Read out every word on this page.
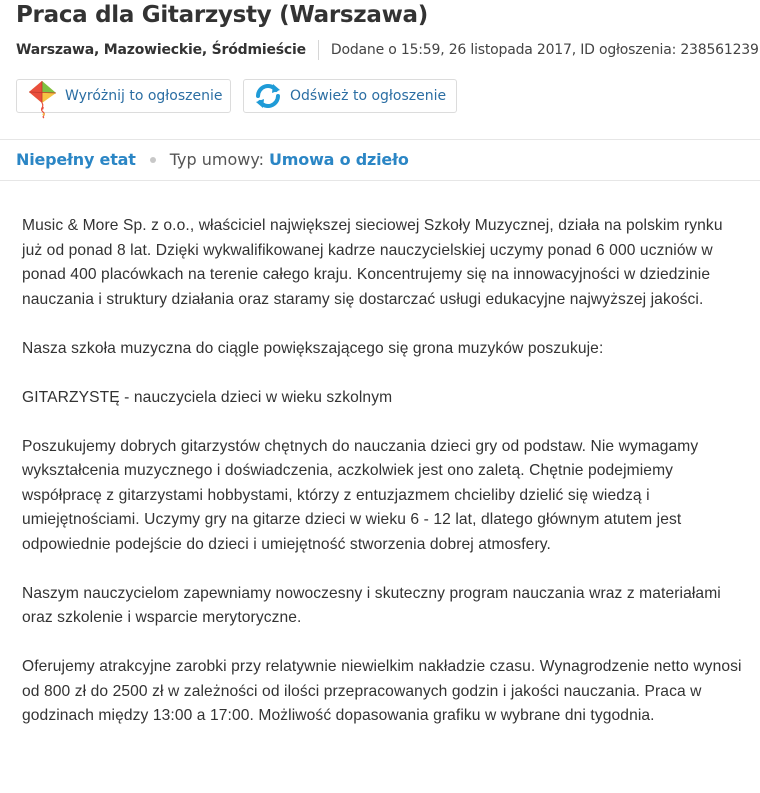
Praca dla Gitarzysty (Warszawa)
Warszawa, Mazowieckie, Śródmieście Dodane o 15:59, 26 listopada 2017, ID ogłoszenia: 238561239
Wyróżnij to ogłoszenie	Odśwież to ogłoszenie
Niepełny etat Typ umowy: Umowa o dzieło

Music & More Sp. z o.o., właściciel największej sieciowej Szkoły Muzycznej, działa na polskim rynku już od ponad 8 lat. Dzięki wykwalifikowanej kadrze nauczycielskiej uczymy ponad 6 000 uczniów w ponad 400 placówkach na terenie całego kraju. Koncentrujemy się na innowacyjności w dziedzinie nauczania i struktury działania oraz staramy się dostarczać usługi edukacyjne najwyższej jakości.

Nasza szkoła muzyczna do ciągle powiększającego się grona muzyków poszukuje:

GITARZYSTĘ - nauczyciela dzieci w wieku szkolnym

Poszukujemy dobrych gitarzystów chętnych do nauczania dzieci gry od podstaw. Nie wymagamy wykształcenia muzycznego i doświadczenia, aczkolwiek jest ono zaletą. Chętnie podejmiemy współpracę z gitarzystami hobbystami, którzy z entuzjazmem chcieliby dzielić się wiedzą i umiejętnościami. Uczymy gry na gitarze dzieci w wieku 6 - 12 lat, dlatego głównym atutem jest odpowiednie podejście do dzieci i umiejętność stworzenia dobrej atmosfery.

Naszym nauczycielom zapewniamy nowoczesny i skuteczny program nauczania wraz z materiałami oraz szkolenie i wsparcie merytoryczne.

Oferujemy atrakcyjne zarobki przy relatywnie niewielkim nakładzie czasu. Wynagrodzenie netto wynosi od 800 zł do 2500 zł w zależności od ilości przepracowanych godzin i jakości nauczania. Praca w godzinach między 13:00 a 17:00. Możliwość dopasowania grafiku w wybrane dni tygodnia.
